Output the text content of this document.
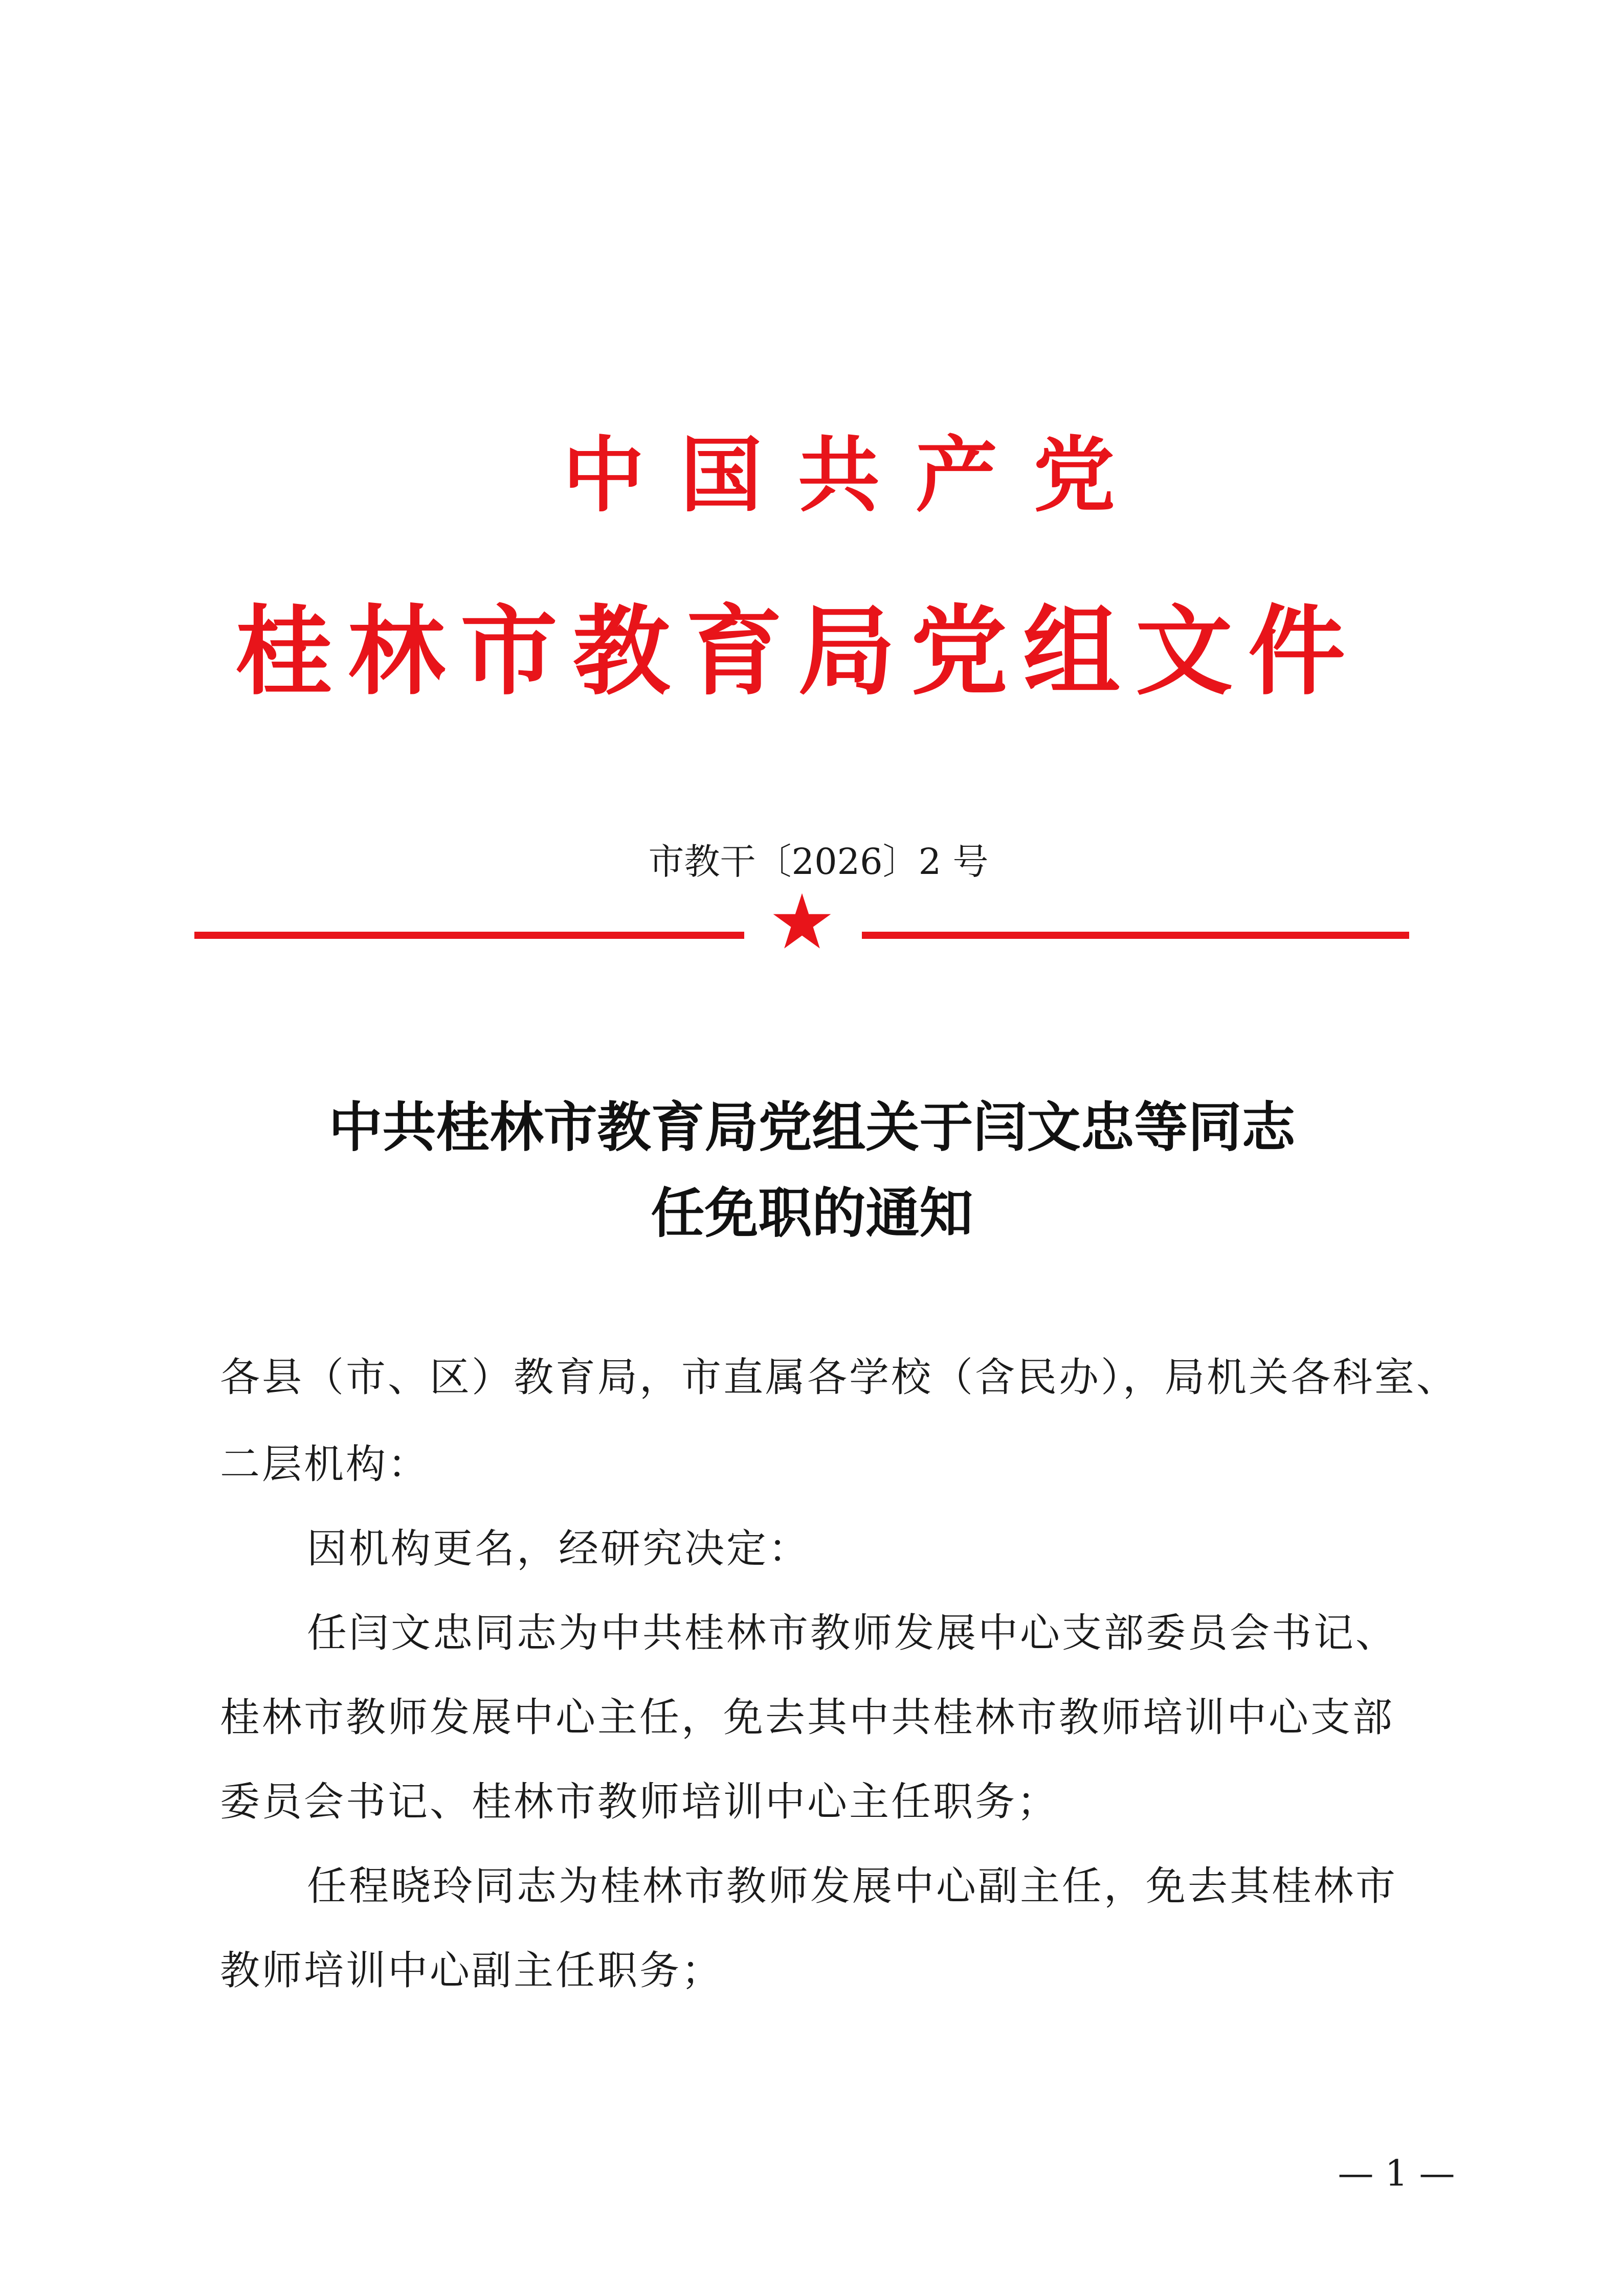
中国共产党
桂林市教育局党组文件
市教干〔2026〕2 号
中共桂林市教育局党组关于闫文忠等同志
任免职的通知
各县（市、区）教育局，市直属各学校（含民办），局机关各科室、
二层机构：
因机构更名，经研究决定：
任闫文忠同志为中共桂林市教师发展中心支部委员会书记、
桂林市教师发展中心主任，免去其中共桂林市教师培训中心支部
委员会书记、桂林市教师培训中心主任职务；
任程晓玲同志为桂林市教师发展中心副主任，免去其桂林市
教师培训中心副主任职务；
— 1 —
